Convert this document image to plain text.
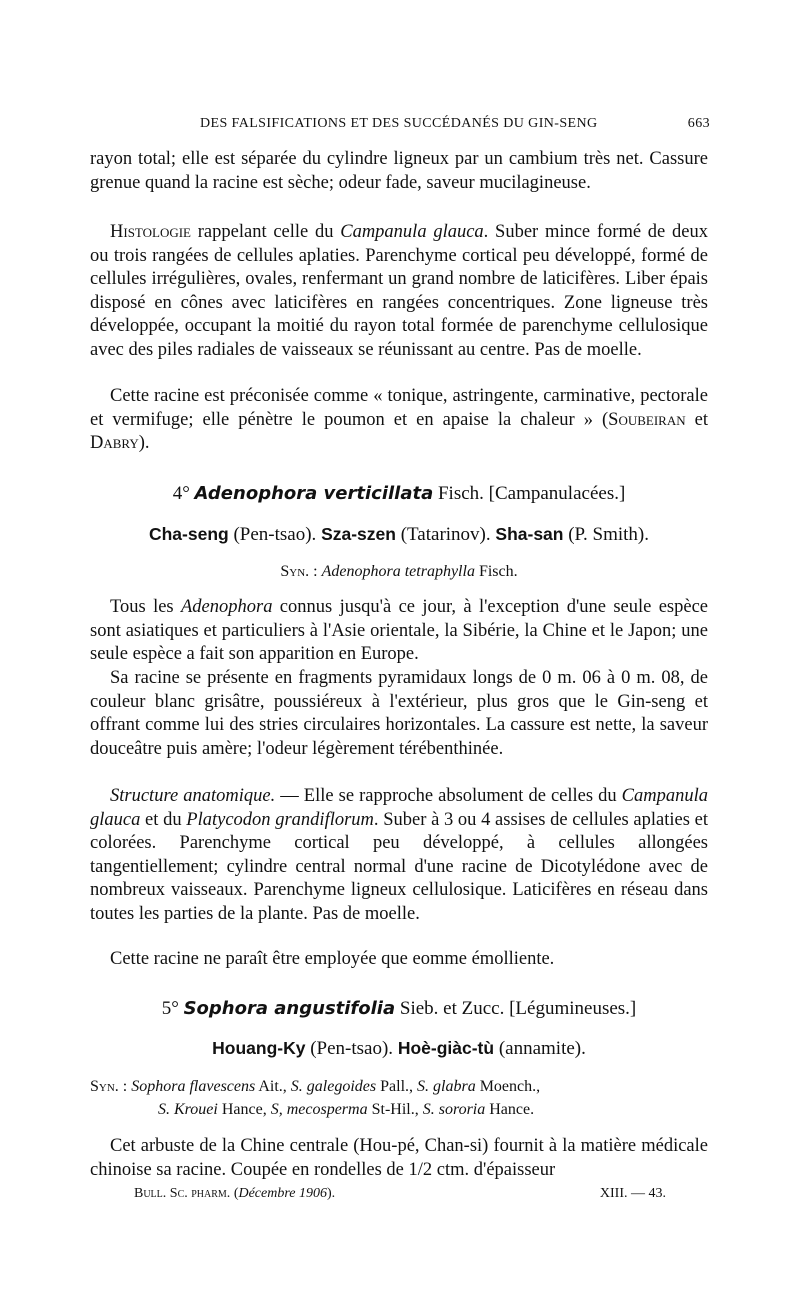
DES FALSIFICATIONS ET DES SUCCÉDANÉS DU GIN-SENG	663
rayon total; elle est séparée du cylindre ligneux par un cambium très net. Cassure grenue quand la racine est sèche; odeur fade, saveur mucilagineuse.
Histologie rappelant celle du Campanula glauca. Suber mince formé de deux ou trois rangées de cellules aplaties. Parenchyme cortical peu développé, formé de cellules irrégulières, ovales, renfermant un grand nombre de laticifères. Liber épais disposé en cônes avec laticifères en rangées concentriques. Zone ligneuse très développée, occupant la moitié du rayon total formée de parenchyme cellulosique avec des piles radiales de vaisseaux se réunissant au centre. Pas de moelle.
Cette racine est préconisée comme « tonique, astringente, carminative, pectorale et vermifuge; elle pénètre le poumon et en apaise la chaleur » (Soubeiran et Dabry).
4° Adenophora verticillata Fisch. [Campanulacées.]
Cha-seng (Pen-tsao). Sza-szen (Tatarinov). Sha-san (P. Smith).
Syn. : Adenophora tetraphylla Fisch.
Tous les Adenophora connus jusqu'à ce jour, à l'exception d'une seule espèce sont asiatiques et particuliers à l'Asie orientale, la Sibérie, la Chine et le Japon; une seule espèce a fait son apparition en Europe.
Sa racine se présente en fragments pyramidaux longs de 0 m. 06 à 0 m. 08, de couleur blanc grisâtre, poussiéreux à l'extérieur, plus gros que le Gin-seng et offrant comme lui des stries circulaires horizontales. La cassure est nette, la saveur douceâtre puis amère; l'odeur légèrement térébenthinée.
Structure anatomique. — Elle se rapproche absolument de celles du Campanula glauca et du Platycodon grandiflorum. Suber à 3 ou 4 assises de cellules aplaties et colorées. Parenchyme cortical peu développé, à cellules allongées tangentiellement; cylindre central normal d'une racine de Dicotylédone avec de nombreux vaisseaux. Parenchyme ligneux cellulosique. Laticifères en réseau dans toutes les parties de la plante. Pas de moelle.
Cette racine ne paraît être employée que eomme émolliente.
5° Sophora angustifolia Sieb. et Zucc. [Légumineuses.]
Houang-Ky (Pen-tsao). Hoè-giàc-tù (annamite).
Syn. : Sophora flavescens Ait., S. galegoides Pall., S. glabra Moench.,
S. Krouei Hance, S, mecosperma St-Hil., S. sororia Hance.
Cet arbuste de la Chine centrale (Hou-pé, Chan-si) fournit à la matière médicale chinoise sa racine. Coupée en rondelles de 1/2 ctm. d'épaisseur
Bull. Sc. pharm. (Décembre 1906).	XIII. — 43.
